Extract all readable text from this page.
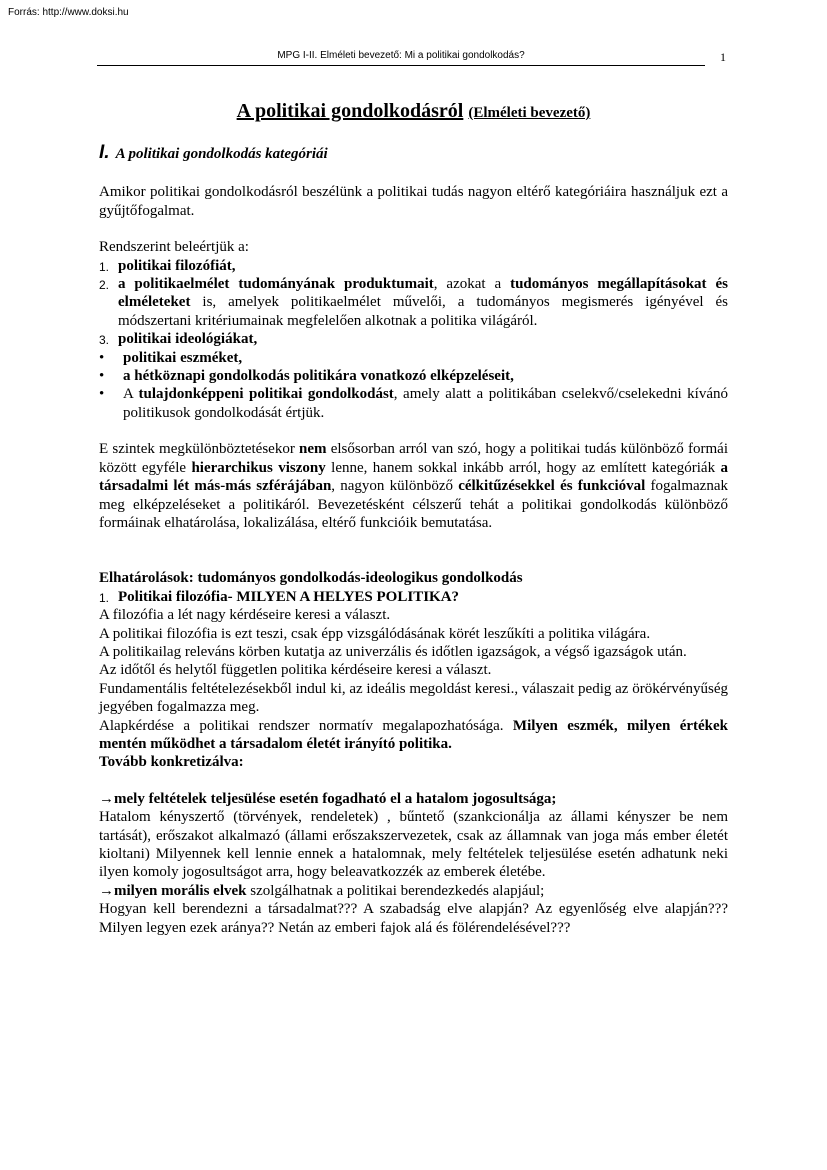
Forrás: http://www.doksi.hu
MPG I-II. Elméleti bevezető: Mi a politikai gondolkodás?	1
A politikai gondolkodásról (Elméleti bevezető)
I. A politikai gondolkodás kategóriái

Amikor politikai gondolkodásról beszélünk a politikai tudás nagyon eltérő kategóriáira használjuk ezt a gyűjtőfogalmat.

Rendszerint beleértjük a:

1. politikai filozófiát,
2. a politikaelmélet tudományának produktumait, azokat a tudományos megállapításokat és elméleteket is, amelyek politikaelmélet művelői, a tudományos megismerés igényével és módszertani kritériumainak megfelelően alkotnak a politika világáról.
3. politikai ideológiákat,
• politikai eszméket,
• a hétköznapi gondolkodás politikára vonatkozó elképzeléseit,
• A tulajdonképpeni politikai gondolkodást, amely alatt a politikában cselekvő/cselekedni kívánó politikusok gondolkodását értjük.

E szintek megkülönböztetésekor nem elsősorban arról van szó, hogy a politikai tudás különböző formái között egyféle hierarchikus viszony lenne, hanem sokkal inkább arról, hogy az említett kategóriák a társadalmi lét más-más szférájában, nagyon különböző célkitűzésekkel és funkcióval fogalmaznak meg elképzeléseket a politikáról. Bevezetésként célszerű tehát a politikai gondolkodás különböző formáinak elhatárolása, lokalizálása, eltérő funkcióik bemutatása.

Elhatárolások: tudományos gondolkodás-ideologikus gondolkodás

1. Politikai filozófia- MILYEN A HELYES POLITIKA?

A filozófia a lét nagy kérdéseire keresi a választ.

A politikai filozófia is ezt teszi, csak épp vizsgálódásának körét leszűkíti a politika világára.

A politikailag releváns körben kutatja az univerzális és időtlen igazságok, a végső igazságok után.

Az időtől és helytől független politika kérdéseire keresi a választ.

Fundamentális feltételezésekből indul ki, az ideális megoldást keresi., válaszait pedig az örökérvényűség jegyében fogalmazza meg.

Alapkérdése a politikai rendszer normatív megalapozhatósága. Milyen eszmék, milyen értékek mentén működhet a társadalom életét irányító politika.

Tovább konkretizálva:

→mely feltételek teljesülése esetén fogadható el a hatalom jogosultsága;

Hatalom kényszertő (törvények, rendeletek) , bűntető (szankcionálja az állami kényszer be nem tartását), erőszakot alkalmazó (állami erőszakszervezetek, csak az államnak van joga más ember életét kioltani) Milyennek kell lennie ennek a hatalomnak, mely feltételek teljesülése esetén adhatunk neki ilyen komoly jogosultságot arra, hogy beleavatkozzék az emberek életébe.

→milyen morális elvek szolgálhatnak a politikai berendezkedés alapjául;

Hogyan kell berendezni a társadalmat??? A szabadság elve alapján? Az egyenlőség elve alapján??? Milyen legyen ezek aránya?? Netán az emberi fajok alá és fölérendelésével???
